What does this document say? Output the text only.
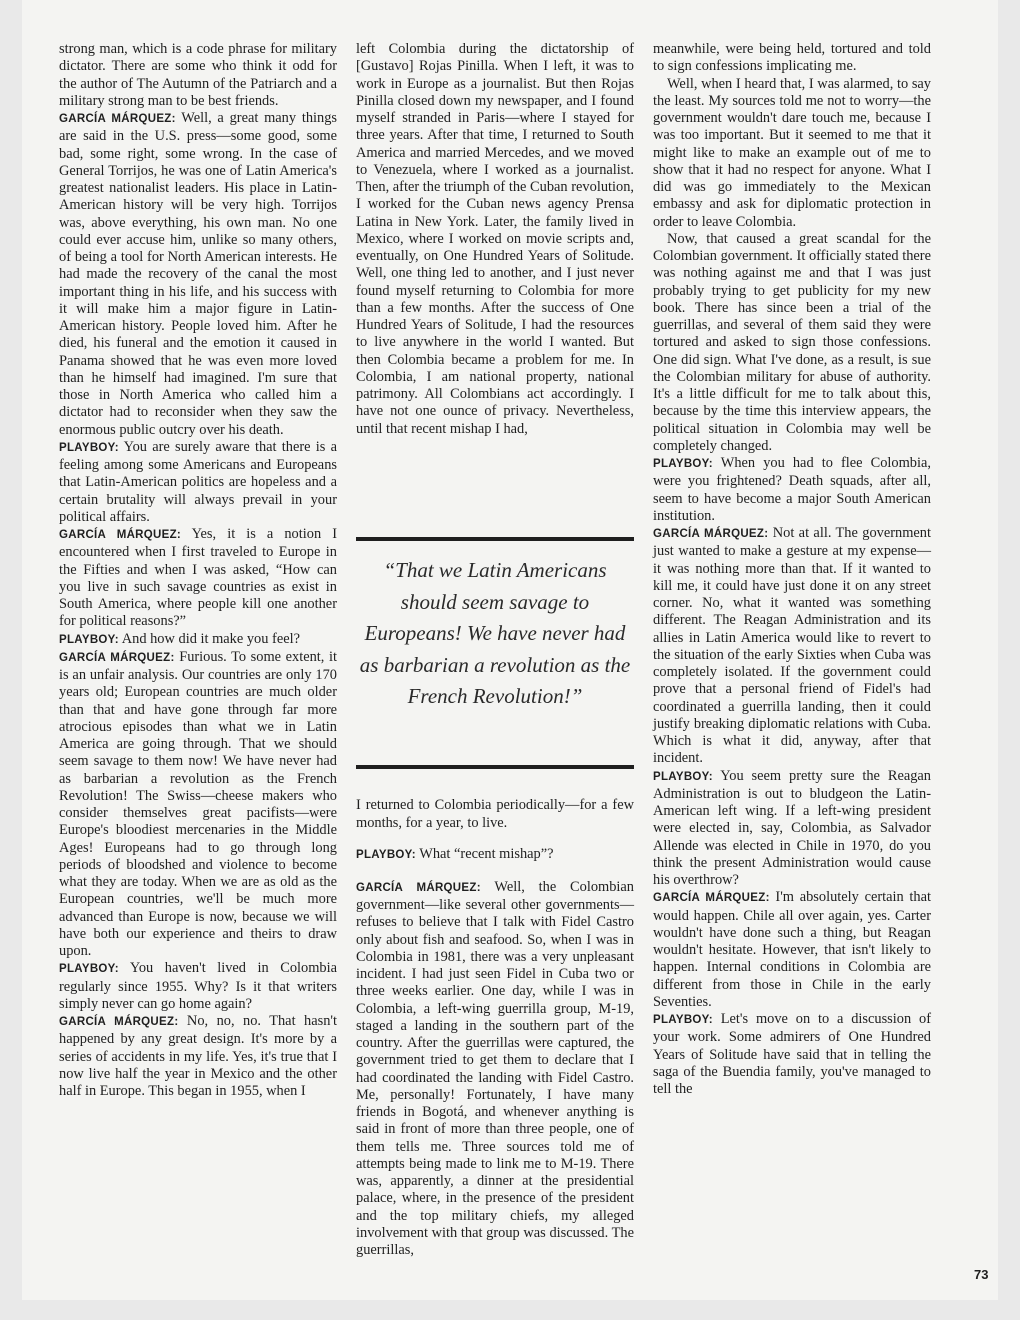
strong man, which is a code phrase for military dictator. There are some who think it odd for the author of The Autumn of the Patriarch and a military strong man to be best friends.

GARCÍA MÁRQUEZ: Well, a great many things are said in the U.S. press—some good, some bad, some right, some wrong. In the case of General Torrijos, he was one of Latin America's greatest nationalist leaders. His place in Latin-American history will be very high. Torrijos was, above everything, his own man. No one could ever accuse him, unlike so many others, of being a tool for North American interests. He had made the recovery of the canal the most important thing in his life, and his success with it will make him a major figure in Latin-American history. People loved him. After he died, his funeral and the emotion it caused in Panama showed that he was even more loved than he himself had imagined. I'm sure that those in North America who called him a dictator had to reconsider when they saw the enormous public outcry over his death.

PLAYBOY: You are surely aware that there is a feeling among some Americans and Europeans that Latin-American politics are hopeless and a certain brutality will always prevail in your political affairs.

GARCÍA MÁRQUEZ: Yes, it is a notion I encountered when I first traveled to Europe in the Fifties and when I was asked, “How can you live in such savage countries as exist in South America, where people kill one another for political reasons?”

PLAYBOY: And how did it make you feel?

GARCÍA MÁRQUEZ: Furious. To some extent, it is an unfair analysis. Our countries are only 170 years old; European countries are much older than that and have gone through far more atrocious episodes than what we in Latin America are going through. That we should seem savage to them now! We have never had as barbarian a revolution as the French Revolution! The Swiss—cheese makers who consider themselves great pacifists—were Europe's bloodiest mercenaries in the Middle Ages! Europeans had to go through long periods of bloodshed and violence to become what they are today. When we are as old as the European countries, we'll be much more advanced than Europe is now, because we will have both our experience and theirs to draw upon.

PLAYBOY: You haven't lived in Colombia regularly since 1955. Why? Is it that writers simply never can go home again?

GARCÍA MÁRQUEZ: No, no, no. That hasn't happened by any great design. It's more by a series of accidents in my life. Yes, it's true that I now live half the year in Mexico and the other half in Europe. This began in 1955, when I

left Colombia during the dictatorship of [Gustavo] Rojas Pinilla. When I left, it was to work in Europe as a journalist. But then Rojas Pinilla closed down my newspaper, and I found myself stranded in Paris—where I stayed for three years. After that time, I returned to South America and married Mercedes, and we moved to Venezuela, where I worked as a journalist. Then, after the triumph of the Cuban revolution, I worked for the Cuban news agency Prensa Latina in New York. Later, the family lived in Mexico, where I worked on movie scripts and, eventually, on One Hundred Years of Solitude. Well, one thing led to another, and I just never found myself returning to Colombia for more than a few months. After the success of One Hundred Years of Solitude, I had the resources to live anywhere in the world I wanted. But then Colombia became a problem for me. In Colombia, I am national property, national patrimony. All Colombians act accordingly. I have not one ounce of privacy. Nevertheless, until that recent mishap I had,

“That we Latin Americans should seem savage to Europeans! We have never had as barbarian a revolution as the French Revolution!”

I returned to Colombia periodically—for a few months, for a year, to live.

PLAYBOY: What “recent mishap”?

GARCÍA MÁRQUEZ: Well, the Colombian government—like several other governments—refuses to believe that I talk with Fidel Castro only about fish and seafood. So, when I was in Colombia in 1981, there was a very unpleasant incident. I had just seen Fidel in Cuba two or three weeks earlier. One day, while I was in Colombia, a left-wing guerrilla group, M-19, staged a landing in the southern part of the country. After the guerrillas were captured, the government tried to get them to declare that I had coordinated the landing with Fidel Castro. Me, personally! Fortunately, I have many friends in Bogotá, and whenever anything is said in front of more than three people, one of them tells me. Three sources told me of attempts being made to link me to M-19. There was, apparently, a dinner at the presidential palace, where, in the presence of the president and the top military chiefs, my alleged involvement with that group was discussed. The guerrillas,

meanwhile, were being held, tortured and told to sign confessions implicating me.

Well, when I heard that, I was alarmed, to say the least. My sources told me not to worry—the government wouldn't dare touch me, because I was too important. But it seemed to me that it might like to make an example out of me to show that it had no respect for anyone. What I did was go immediately to the Mexican embassy and ask for diplomatic protection in order to leave Colombia.

Now, that caused a great scandal for the Colombian government. It officially stated there was nothing against me and that I was just probably trying to get publicity for my new book. There has since been a trial of the guerrillas, and several of them said they were tortured and asked to sign those confessions. One did sign. What I've done, as a result, is sue the Colombian military for abuse of authority. It's a little difficult for me to talk about this, because by the time this interview appears, the political situation in Colombia may well be completely changed.

PLAYBOY: When you had to flee Colombia, were you frightened? Death squads, after all, seem to have become a major South American institution.

GARCÍA MÁRQUEZ: Not at all. The government just wanted to make a gesture at my expense—it was nothing more than that. If it wanted to kill me, it could have just done it on any street corner. No, what it wanted was something different. The Reagan Administration and its allies in Latin America would like to revert to the situation of the early Sixties when Cuba was completely isolated. If the government could prove that a personal friend of Fidel's had coordinated a guerrilla landing, then it could justify breaking diplomatic relations with Cuba. Which is what it did, anyway, after that incident.

PLAYBOY: You seem pretty sure the Reagan Administration is out to bludgeon the Latin-American left wing. If a left-wing president were elected in, say, Colombia, as Salvador Allende was elected in Chile in 1970, do you think the present Administration would cause his overthrow?

GARCÍA MÁRQUEZ: I'm absolutely certain that would happen. Chile all over again, yes. Carter wouldn't have done such a thing, but Reagan wouldn't hesitate. However, that isn't likely to happen. Internal conditions in Colombia are different from those in Chile in the early Seventies.

PLAYBOY: Let's move on to a discussion of your work. Some admirers of One Hundred Years of Solitude have said that in telling the saga of the Buendia family, you've managed to tell the

73
